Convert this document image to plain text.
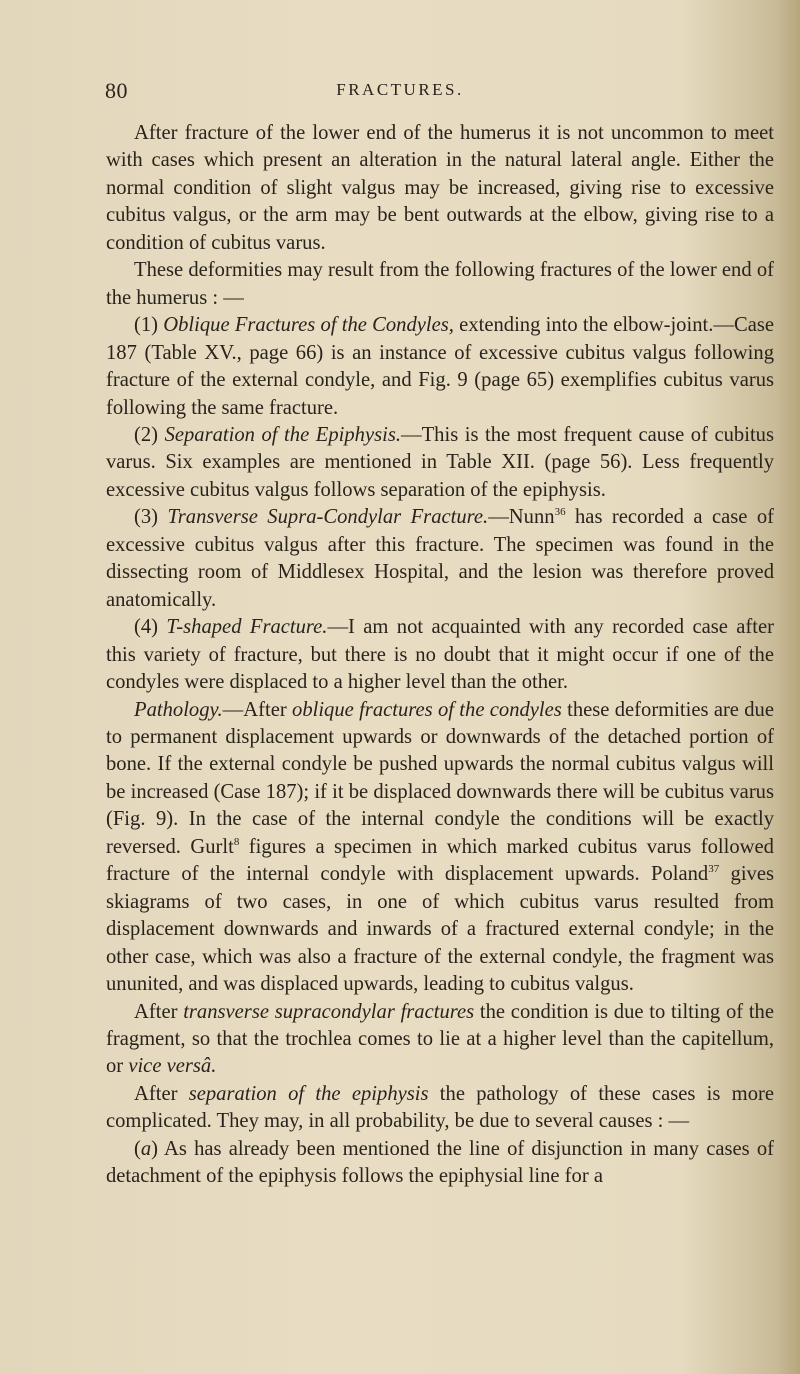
80	FRACTURES.

After fracture of the lower end of the humerus it is not uncommon to meet with cases which present an alteration in the natural lateral angle. Either the normal condition of slight valgus may be increased, giving rise to excessive cubitus valgus, or the arm may be bent outwards at the elbow, giving rise to a condition of cubitus varus.

These deformities may result from the following fractures of the lower end of the humerus : —

(1) Oblique Fractures of the Condyles, extending into the elbow-joint.—Case 187 (Table XV., page 66) is an instance of excessive cubitus valgus following fracture of the external condyle, and Fig. 9 (page 65) exemplifies cubitus varus following the same fracture.

(2) Separation of the Epiphysis.—This is the most frequent cause of cubitus varus. Six examples are mentioned in Table XII. (page 56). Less frequently excessive cubitus valgus follows separation of the epiphysis.

(3) Transverse Supra-Condylar Fracture.—Nunn$^{36}$ has recorded a case of excessive cubitus valgus after this fracture. The specimen was found in the dissecting room of Middlesex Hospital, and the lesion was therefore proved anatomically.

(4) T-shaped Fracture.—I am not acquainted with any recorded case after this variety of fracture, but there is no doubt that it might occur if one of the condyles were displaced to a higher level than the other.

Pathology.—After oblique fractures of the condyles these deformities are due to permanent displacement upwards or downwards of the detached portion of bone. If the external condyle be pushed upwards the normal cubitus valgus will be increased (Case 187); if it be displaced downwards there will be cubitus varus (Fig. 9). In the case of the internal condyle the conditions will be exactly reversed. Gurlt$^8$ figures a specimen in which marked cubitus varus followed fracture of the internal condyle with displacement upwards. Poland$^{37}$ gives skiagrams of two cases, in one of which cubitus varus resulted from displacement downwards and inwards of a fractured external condyle; in the other case, which was also a fracture of the external condyle, the fragment was ununited, and was displaced upwards, leading to cubitus valgus.

After transverse supracondylar fractures the condition is due to tilting of the fragment, so that the trochlea comes to lie at a higher level than the capitellum, or vice versâ.

After separation of the epiphysis the pathology of these cases is more complicated. They may, in all probability, be due to several causes : —

(a) As has already been mentioned the line of disjunction in many cases of detachment of the epiphysis follows the epiphysial line for a
